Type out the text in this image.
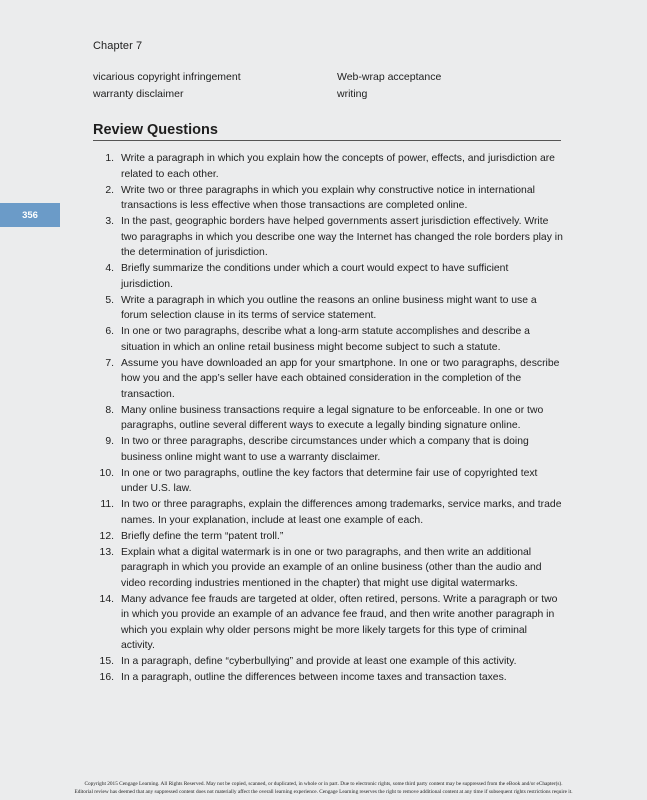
Chapter 7
356
vicarious copyright infringement	Web-wrap acceptance
warranty disclaimer	writing
Review Questions
1. Write a paragraph in which you explain how the concepts of power, effects, and jurisdiction are related to each other.
2. Write two or three paragraphs in which you explain why constructive notice in international transactions is less effective when those transactions are completed online.
3. In the past, geographic borders have helped governments assert jurisdiction effectively. Write two paragraphs in which you describe one way the Internet has changed the role borders play in the determination of jurisdiction.
4. Briefly summarize the conditions under which a court would expect to have sufficient jurisdiction.
5. Write a paragraph in which you outline the reasons an online business might want to use a forum selection clause in its terms of service statement.
6. In one or two paragraphs, describe what a long-arm statute accomplishes and describe a situation in which an online retail business might become subject to such a statute.
7. Assume you have downloaded an app for your smartphone. In one or two paragraphs, describe how you and the app’s seller have each obtained consideration in the completion of the transaction.
8. Many online business transactions require a legal signature to be enforceable. In one or two paragraphs, outline several different ways to execute a legally binding signature online.
9. In two or three paragraphs, describe circumstances under which a company that is doing business online might want to use a warranty disclaimer.
10. In one or two paragraphs, outline the key factors that determine fair use of copyrighted text under U.S. law.
11. In two or three paragraphs, explain the differences among trademarks, service marks, and trade names. In your explanation, include at least one example of each.
12. Briefly define the term “patent troll.”
13. Explain what a digital watermark is in one or two paragraphs, and then write an additional paragraph in which you provide an example of an online business (other than the audio and video recording industries mentioned in the chapter) that might use digital watermarks.
14. Many advance fee frauds are targeted at older, often retired, persons. Write a paragraph or two in which you provide an example of an advance fee fraud, and then write another paragraph in which you explain why older persons might be more likely targets for this type of criminal activity.
15. In a paragraph, define “cyberbullying” and provide at least one example of this activity.
16. In a paragraph, outline the differences between income taxes and transaction taxes.
Copyright 2015 Cengage Learning. All Rights Reserved. May not be copied, scanned, or duplicated, in whole or in part. Due to electronic rights, some third party content may be suppressed from the eBook and/or eChapter(s).
Editorial review has deemed that any suppressed content does not materially affect the overall learning experience. Cengage Learning reserves the right to remove additional content at any time if subsequent rights restrictions require it.
